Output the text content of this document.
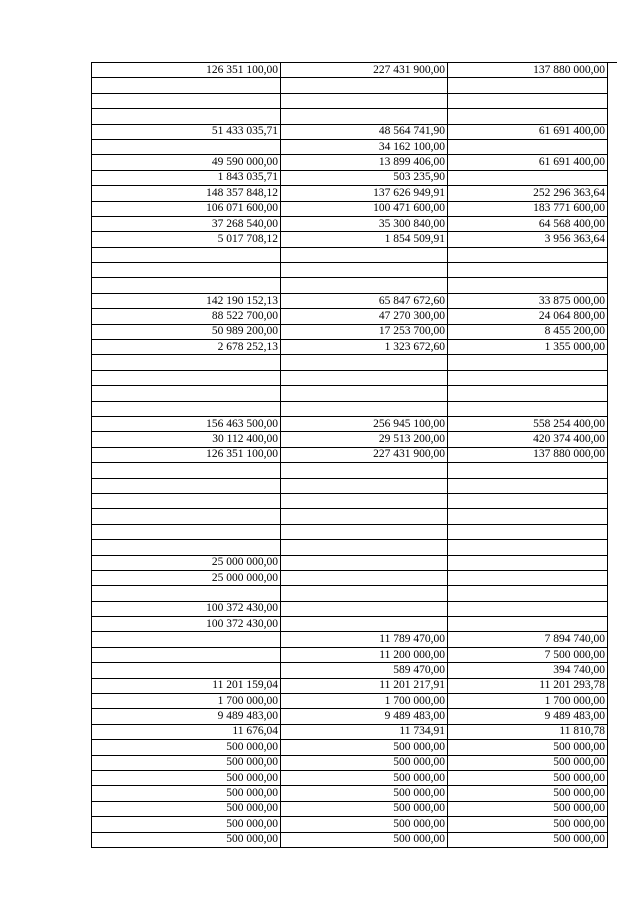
126 351 100,00	227 431 900,00	137 880 000,00

51 433 035,71	48 564 741,90	61 691 400,00
	34 162 100,00	
49 590 000,00	13 899 406,00	61 691 400,00
1 843 035,71	503 235,90	
148 357 848,12	137 626 949,91	252 296 363,64
106 071 600,00	100 471 600,00	183 771 600,00
37 268 540,00	35 300 840,00	64 568 400,00
5 017 708,12	1 854 509,91	3 956 363,64

142 190 152,13	65 847 672,60	33 875 000,00
88 522 700,00	47 270 300,00	24 064 800,00
50 989 200,00	17 253 700,00	8 455 200,00
2 678 252,13	1 323 672,60	1 355 000,00

156 463 500,00	256 945 100,00	558 254 400,00
30 112 400,00	29 513 200,00	420 374 400,00
126 351 100,00	227 431 900,00	137 880 000,00

25 000 000,00		
25 000 000,00		

100 372 430,00		
100 372 430,00		
	11 789 470,00	7 894 740,00
	11 200 000,00	7 500 000,00
	589 470,00	394 740,00
11 201 159,04	11 201 217,91	11 201 293,78
1 700 000,00	1 700 000,00	1 700 000,00
9 489 483,00	9 489 483,00	9 489 483,00
11 676,04	11 734,91	11 810,78
500 000,00	500 000,00	500 000,00
500 000,00	500 000,00	500 000,00
500 000,00	500 000,00	500 000,00
500 000,00	500 000,00	500 000,00
500 000,00	500 000,00	500 000,00
500 000,00	500 000,00	500 000,00
500 000,00	500 000,00	500 000,00
